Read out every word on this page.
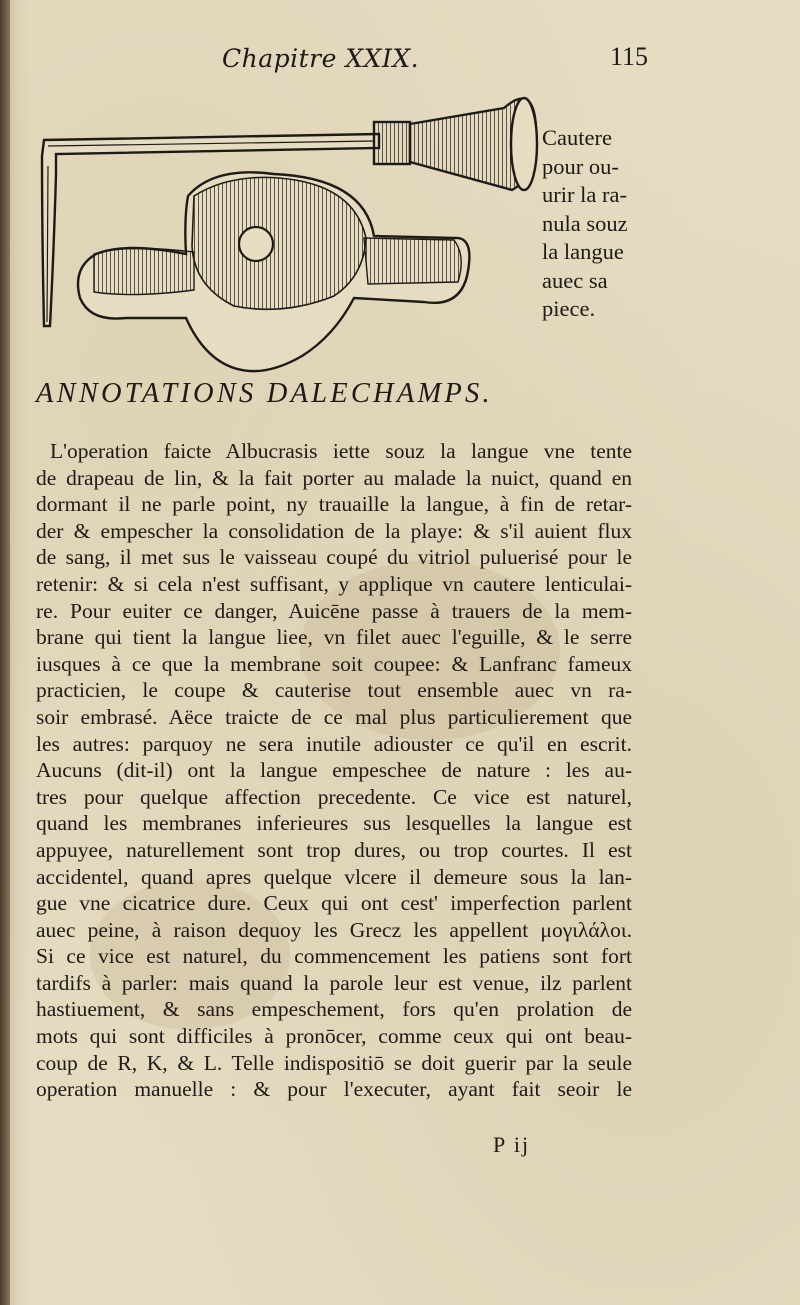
Chapitre XXIX.	115
Cautere
pour ou-
urir la ra-
nula souz
la langue
auec sa
piece.
ANNOTATIONS DALECHAMPS.
L'operation faicte Albucrasis iette souz la langue vne tente
de drapeau de lin, & la fait porter au malade la nuict, quand en
dormant il ne parle point, ny trauaille la langue, à fin de retar-
der & empescher la consolidation de la playe: & s'il auient flux
de sang, il met sus le vaisseau coupé du vitriol puluerisé pour le
retenir: & si cela n'est suffisant, y applique vn cautere lenticulai-
re. Pour euiter ce danger, Auicēne passe à trauers de la mem-
brane qui tient la langue liee, vn filet auec l'eguille, & le serre
iusques à ce que la membrane soit coupee: & Lanfranc fameux
practicien, le coupe & cauterise tout ensemble auec vn ra-
soir embrasé. Aëce traicte de ce mal plus particulierement que
les autres: parquoy ne sera inutile adiouster ce qu'il en escrit.
Aucuns (dit-il) ont la langue empeschee de nature : les au-
tres pour quelque affection precedente. Ce vice est naturel,
quand les membranes inferieures sus lesquelles la langue est
appuyee, naturellement sont trop dures, ou trop courtes. Il est
accidentel, quand apres quelque vlcere il demeure sous la lan-
gue vne cicatrice dure. Ceux qui ont cest' imperfection parlent
auec peine, à raison dequoy les Grecz les appellent μογιλάλοι.
Si ce vice est naturel, du commencement les patiens sont fort
tardifs à parler: mais quand la parole leur est venue, ilz parlent
hastiuement, & sans empeschement, fors qu'en prolation de
mots qui sont difficiles à pronōcer, comme ceux qui ont beau-
coup de R, K, & L. Telle indispositiō se doit guerir par la seule
operation manuelle : & pour l'executer, ayant fait seoir le
P ij
